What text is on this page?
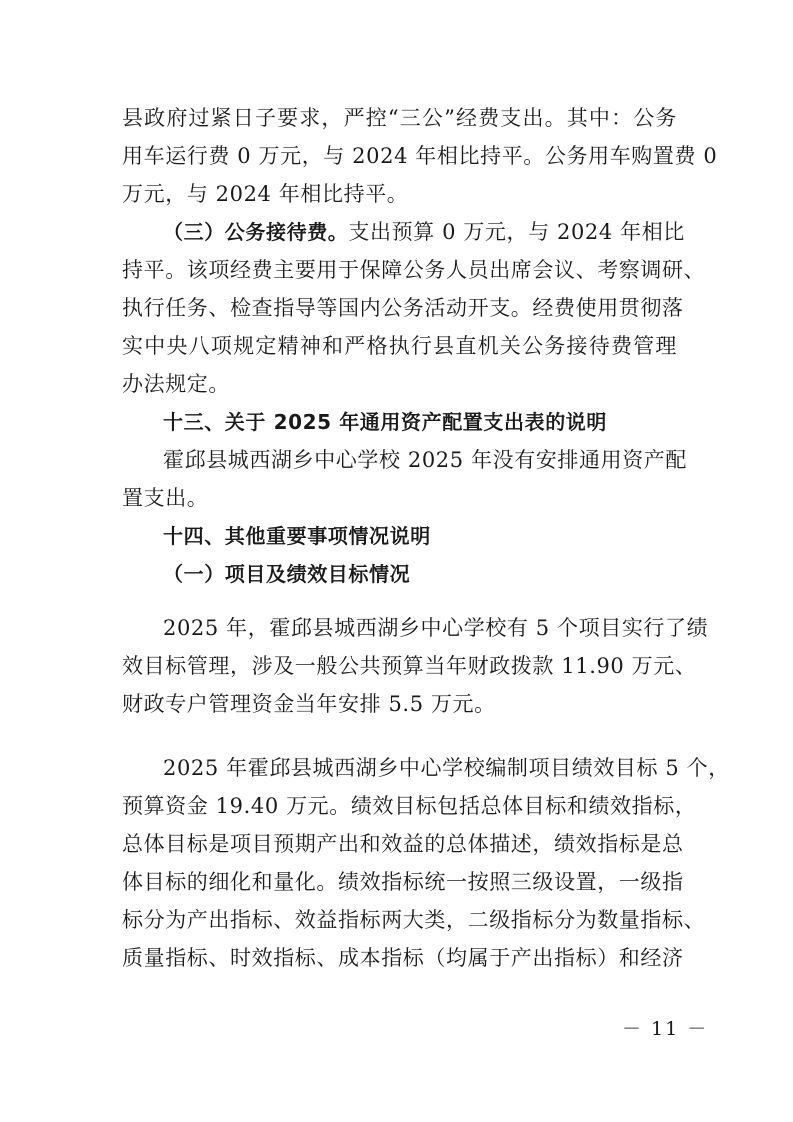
县政府过紧日子要求，严控“三公”经费支出。其中：公务
用车运行费 0 万元，与 2024 年相比持平。公务用车购置费 0
万元，与 2024 年相比持平。
（三）公务接待费。支出预算 0 万元，与 2024 年相比
持平。该项经费主要用于保障公务人员出席会议、考察调研、
执行任务、检查指导等国内公务活动开支。经费使用贯彻落
实中央八项规定精神和严格执行县直机关公务接待费管理
办法规定。
十三、关于 2025 年通用资产配置支出表的说明
霍邱县城西湖乡中心学校 2025 年没有安排通用资产配
置支出。
十四、其他重要事项情况说明
（一）项目及绩效目标情况
2025 年，霍邱县城西湖乡中心学校有 5 个项目实行了绩
效目标管理，涉及一般公共预算当年财政拨款 11.90 万元、
财政专户管理资金当年安排 5.5 万元。
2025 年霍邱县城西湖乡中心学校编制项目绩效目标 5 个，
预算资金 19.40 万元。绩效目标包括总体目标和绩效指标，
总体目标是项目预期产出和效益的总体描述，绩效指标是总
体目标的细化和量化。绩效指标统一按照三级设置，一级指
标分为产出指标、效益指标两大类，二级指标分为数量指标、
质量指标、时效指标、成本指标（均属于产出指标）和经济
－ 11 －
